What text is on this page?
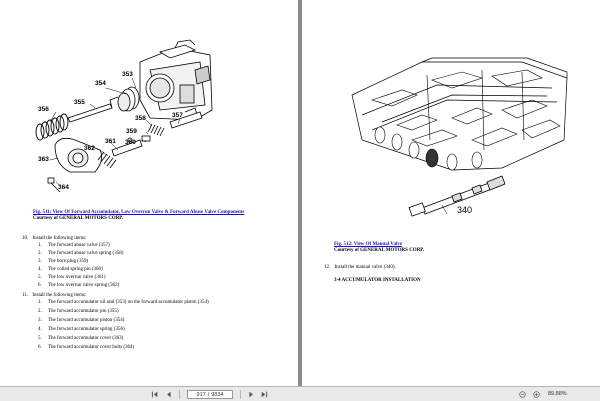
354
353
356
355
358
359
360
357
362
361
363
364
Fig. 511: View Of Forward Accumulator, Low Overrun Valve & Forward Abuse Valve Components
Courtesy of GENERAL MOTORS CORP.
10. Install the following items:
1. The forward abuse valve (357)
2. The forward abuse valve spring (358)
3. The bore plug (359)
4. The coiled spring pin (360)
5. The low overrun valve (361)
6. The low overrun valve spring (362)
11. Install the following items:
1. The forward accumulator oil seal (353) on the forward accumulator piston (354)
2. The forward accumulator pin (355)
3. The forward accumulator piston (354)
4. The forward accumulator spring (356)
5. The forward accumulator cover (363)
6. The forward accumulator cover bolts (364)
340
Fig. 512: View Of Manual Valve
Courtesy of GENERAL MOTORS CORP.
12. Install the manual valve (340).
3-4 ACCUMULATOR INSTALLATION
917 / 9834	89.88%
